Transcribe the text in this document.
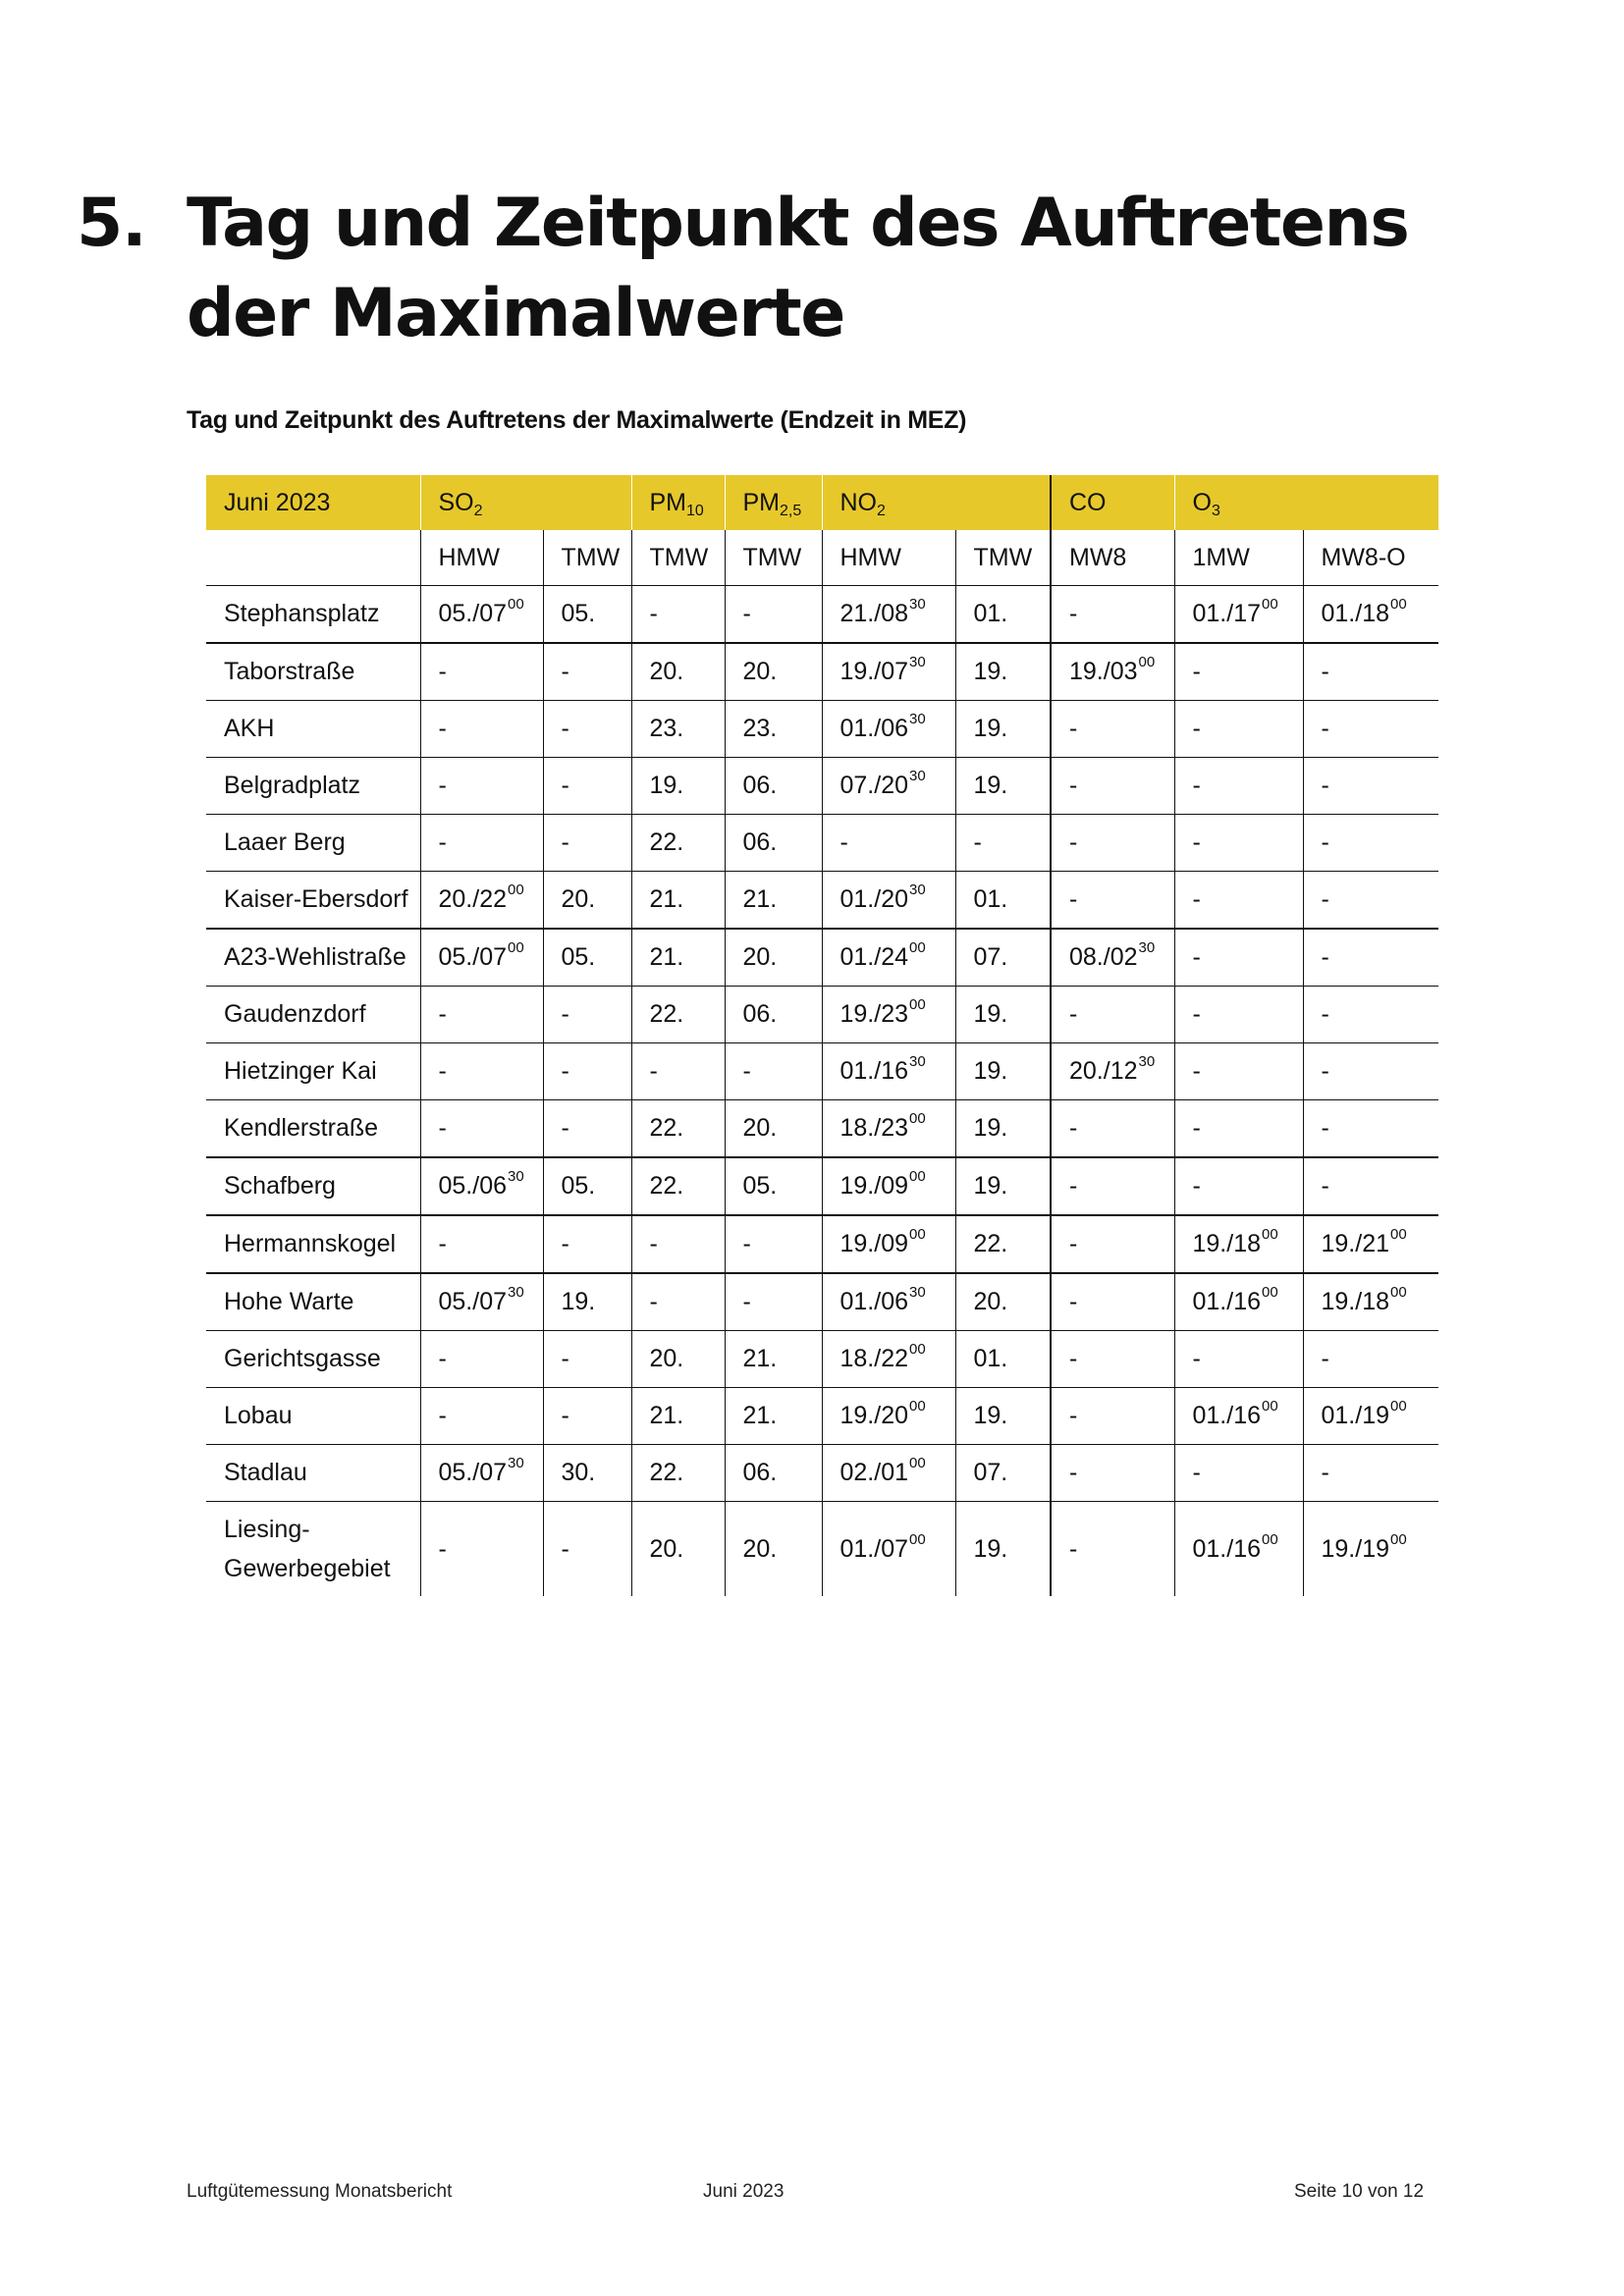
5. Tag und Zeitpunkt des Auftretens der Maximalwerte
Tag und Zeitpunkt des Auftretens der Maximalwerte (Endzeit in MEZ)
Juni 2023	$SO_2$		$PM_{10}$	$PM_{2,5}$	$NO_2$		CO	$O_3$
	HMW	TMW	TMW	TMW	HMW	TMW	MW8	1MW	MW8-O
Stephansplatz	$05./07^{00}$	05.	-	-	$21./08^{30}$	01.	-	$01./17^{00}$	$01./18^{00}$
Taborstraße	-	-	20.	20.	$19./07^{30}$	19.	$19./03^{00}$	-	-
AKH	-	-	23.	23.	$01./06^{30}$	19.	-	-	-
Belgradplatz	-	-	19.	06.	$07./20^{30}$	19.	-	-	-
Laaer Berg	-	-	22.	06.	-	-	-	-	-
Kaiser-Ebersdorf	$20./22^{00}$	20.	21.	21.	$01./20^{30}$	01.	-	-	-
A23-Wehlistraße	$05./07^{00}$	05.	21.	20.	$01./24^{00}$	07.	$08./02^{30}$	-	-
Gaudenzdorf	-	-	22.	06.	$19./23^{00}$	19.	-	-	-
Hietzinger Kai	-	-	-	-	$01./16^{30}$	19.	$20./12^{30}$	-	-
Kendlerstraße	-	-	22.	20.	$18./23^{00}$	19.	-	-	-
Schafberg	$05./06^{30}$	05.	22.	05.	$19./09^{00}$	19.	-	-	-
Hermannskogel	-	-	-	-	$19./09^{00}$	22.	-	$19./18^{00}$	$19./21^{00}$
Hohe Warte	$05./07^{30}$	19.	-	-	$01./06^{30}$	20.	-	$01./16^{00}$	$19./18^{00}$
Gerichtsgasse	-	-	20.	21.	$18./22^{00}$	01.	-	-	-
Lobau	-	-	21.	21.	$19./20^{00}$	19.	-	$01./16^{00}$	$01./19^{00}$
Stadlau	$05./07^{30}$	30.	22.	06.	$02./01^{00}$	07.	-	-	-
Liesing-Gewerbegebiet	-	-	20.	20.	$01./07^{00}$	19.	-	$01./16^{00}$	$19./19^{00}$
Luftgütemessung Monatsbericht	Juni 2023	Seite 10 von 12
